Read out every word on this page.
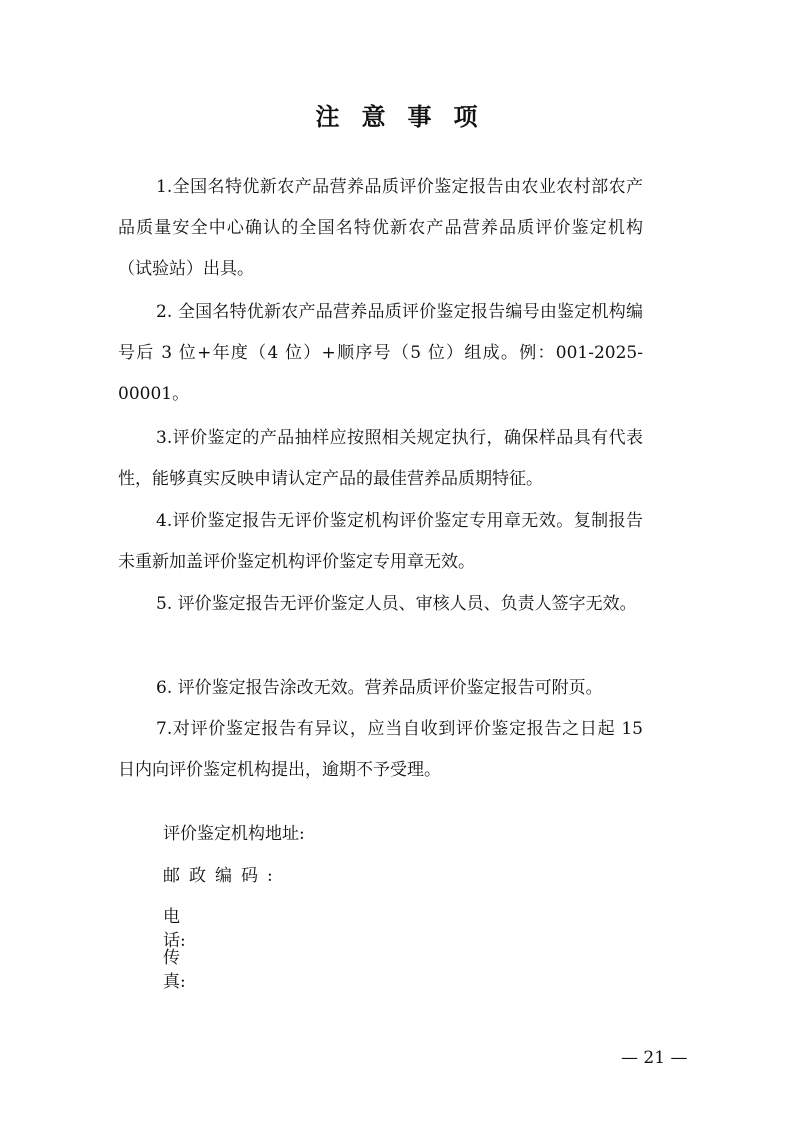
注意事项

1.全国名特优新农产品营养品质评价鉴定报告由农业农村部农产品质量安全中心确认的全国名特优新农产品营养品质评价鉴定机构（试验站）出具。

2. 全国名特优新农产品营养品质评价鉴定报告编号由鉴定机构编号后 3 位+年度（4 位）+顺序号（5 位）组成。例：001-2025-00001。

3.评价鉴定的产品抽样应按照相关规定执行，确保样品具有代表性，能够真实反映申请认定产品的最佳营养品质期特征。

4.评价鉴定报告无评价鉴定机构评价鉴定专用章无效。复制报告未重新加盖评价鉴定机构评价鉴定专用章无效。

5. 评价鉴定报告无评价鉴定人员、审核人员、负责人签字无效。

6. 评价鉴定报告涂改无效。营养品质评价鉴定报告可附页。

7.对评价鉴定报告有异议，应当自收到评价鉴定报告之日起 15 日内向评价鉴定机构提出，逾期不予受理。

评价鉴定机构地址:
邮政编码:
电话:
传真:
— 21 —
